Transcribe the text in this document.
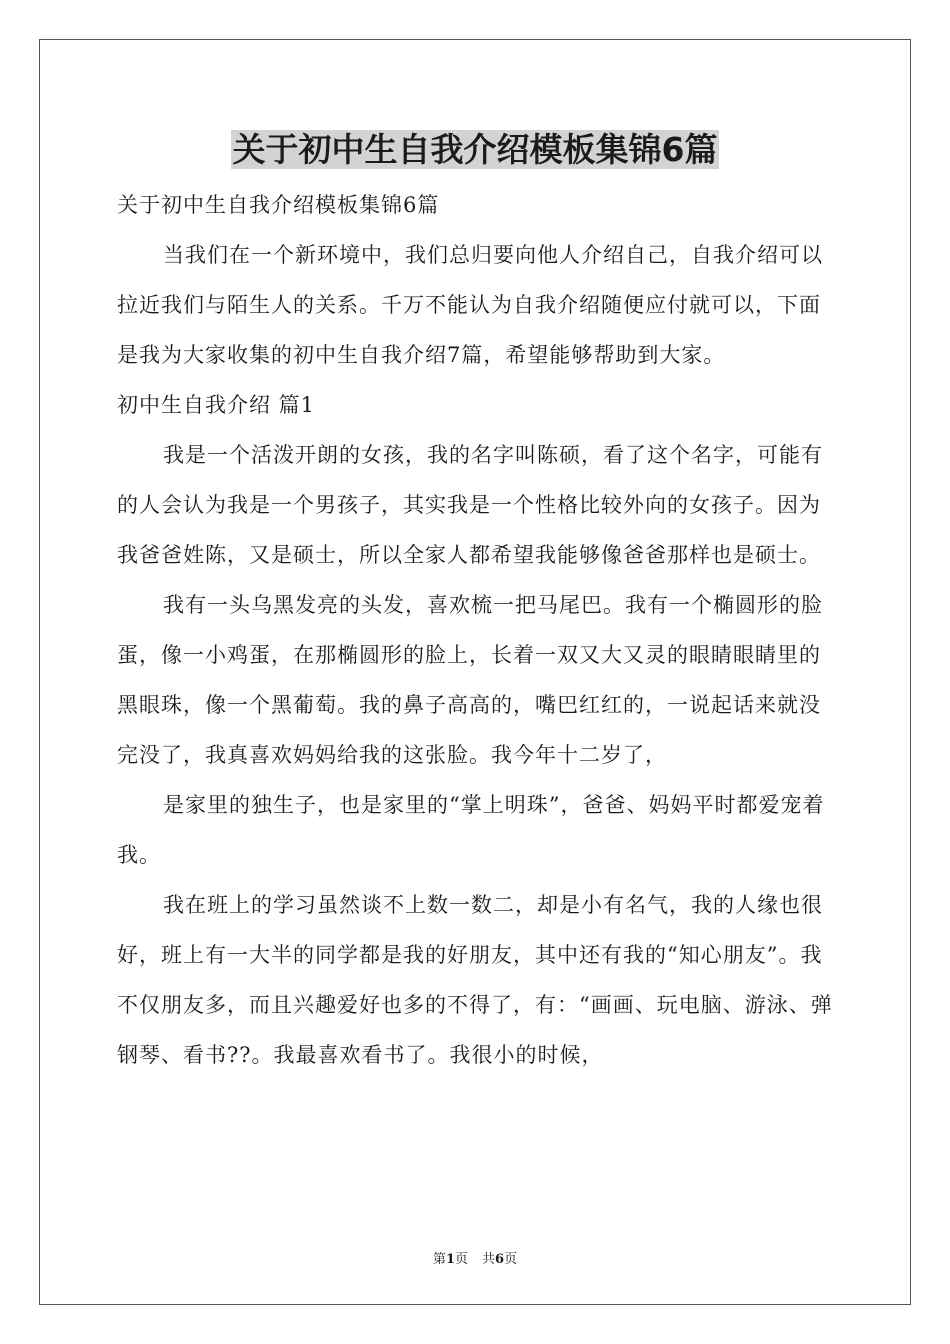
关于初中生自我介绍模板集锦6篇

关于初中生自我介绍模板集锦6篇

当我们在一个新环境中，我们总归要向他人介绍自己，自我介绍可以拉近我们与陌生人的关系。千万不能认为自我介绍随便应付就可以，下面是我为大家收集的初中生自我介绍7篇，希望能够帮助到大家。

初中生自我介绍 篇1

我是一个活泼开朗的女孩，我的名字叫陈硕，看了这个名字，可能有的人会认为我是一个男孩子，其实我是一个性格比较外向的女孩子。因为我爸爸姓陈，又是硕士，所以全家人都希望我能够像爸爸那样也是硕士。

我有一头乌黑发亮的头发，喜欢梳一把马尾巴。我有一个椭圆形的脸蛋，像一小鸡蛋，在那椭圆形的脸上，长着一双又大又灵的眼睛眼睛里的黑眼珠，像一个黑葡萄。我的鼻子高高的，嘴巴红红的，一说起话来就没完没了，我真喜欢妈妈给我的这张脸。我今年十二岁了，

是家里的独生子，也是家里的“掌上明珠”，爸爸、妈妈平时都爱宠着我。

我在班上的学习虽然谈不上数一数二，却是小有名气，我的人缘也很好，班上有一大半的同学都是我的好朋友，其中还有我的“知心朋友”。我不仅朋友多，而且兴趣爱好也多的不得了，有：“画画、玩电脑、游泳、弹钢琴、看书??。我最喜欢看书了。我很小的时候，

第1页 共6页
